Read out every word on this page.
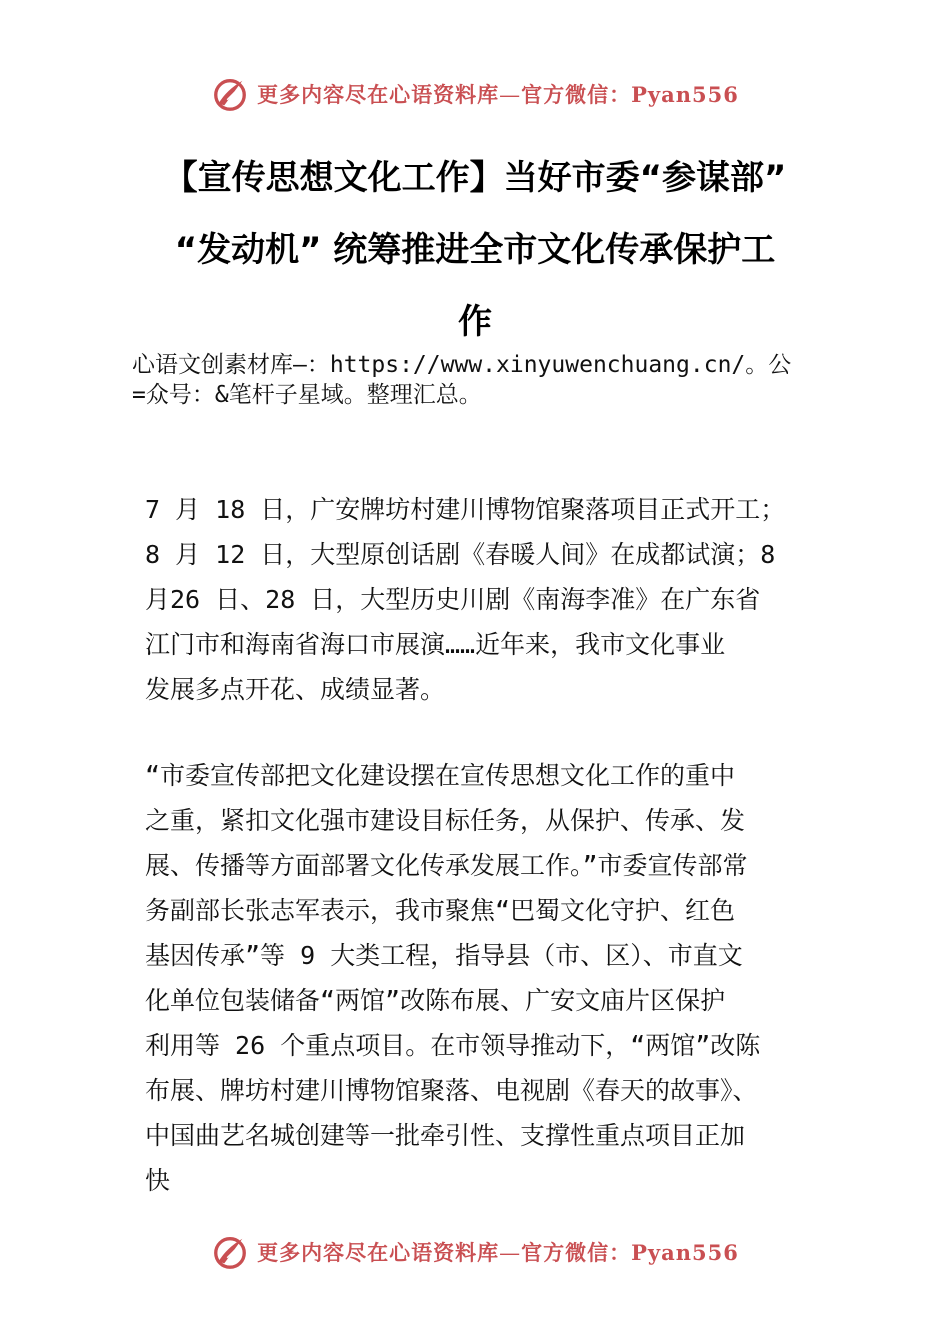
更多内容尽在心语资料库—官方微信：Pyan556
【宣传思想文化工作】当好市委“参谋部”
“发动机” 统筹推进全市文化传承保护工
作
心语文创素材库—：https://www.xinyuwenchuang.cn/。公
=众号：&笔杆子星域。整理汇总。
7 月 18 日，广安牌坊村建川博物馆聚落项目正式开工；
8 月 12 日，大型原创话剧《春暖人间》在成都试演；8
月26 日、28 日，大型历史川剧《南海李准》在广东省
江门市和海南省海口市展演……近年来，我市文化事业
发展多点开花、成绩显著。
“市委宣传部把文化建设摆在宣传思想文化工作的重中
之重，紧扣文化强市建设目标任务，从保护、传承、发
展、传播等方面部署文化传承发展工作。”市委宣传部常
务副部长张志军表示，我市聚焦“巴蜀文化守护、红色
基因传承”等 9 大类工程，指导县（市、区）、市直文
化单位包装储备“两馆”改陈布展、广安文庙片区保护
利用等 26 个重点项目。在市领导推动下，“两馆”改陈
布展、牌坊村建川博物馆聚落、电视剧《春天的故事》、
中国曲艺名城创建等一批牵引性、支撑性重点项目正加
快
更多内容尽在心语资料库—官方微信：Pyan556
